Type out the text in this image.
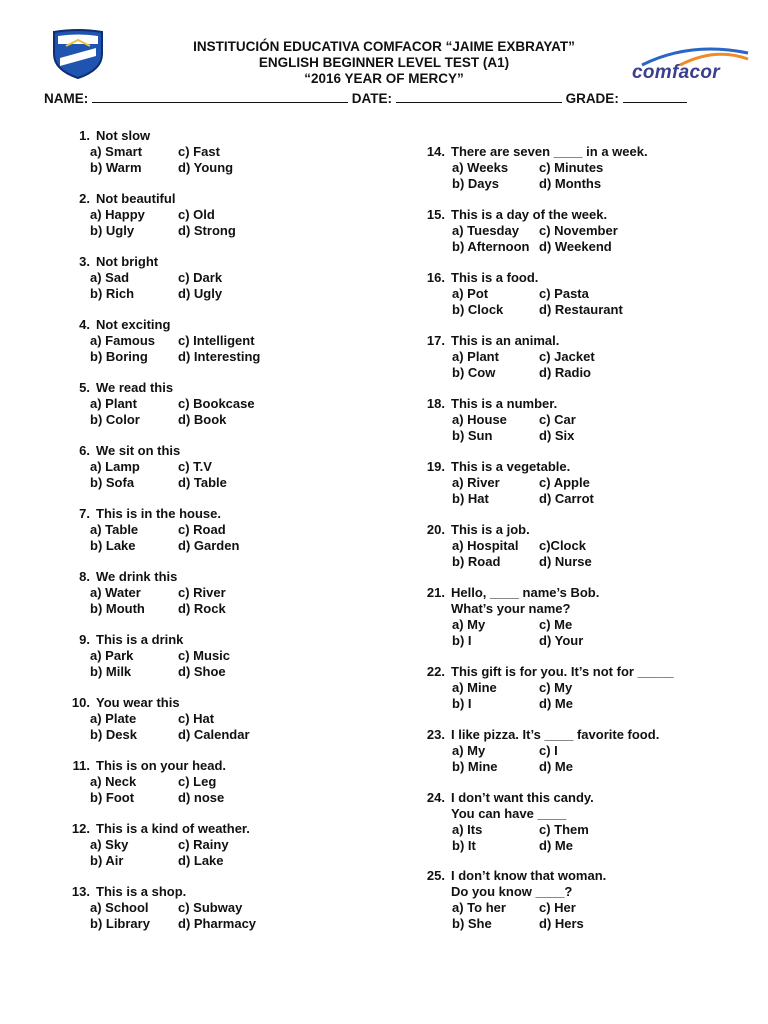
INSTITUCIÓN EDUCATIVA COMFACOR “JAIME EXBRAYAT”
ENGLISH BEGINNER LEVEL TEST (A1)
“2016 YEAR OF MERCY”	comfacor
NAME:	DATE:	GRADE:
1. Not slow
a) Smart	c) Fast
b) Warm	d) Young
2. Not beautiful
a) Happy	c) Old
b) Ugly	d) Strong
3. Not bright
a) Sad	c) Dark
b) Rich	d) Ugly
4. Not exciting
a) Famous c) Intelligent
b) Boring d) Interesting
5. We read this
a) Plant	c) Bookcase
b) Color	d) Book
6. We sit on this
a) Lamp	c) T.V
b) Sofa	d) Table
7. This is in the house.
a) Table	c) Road
b) Lake	d) Garden
8. We drink this
a) Water	c) River
b) Mouth	d) Rock
9. This is a drink
a) Park	c) Music
b) Milk	d) Shoe
10. You wear this
a) Plate	c) Hat
b) Desk	d) Calendar
11. This is on your head.
a) Neck	c) Leg
b) Foot	d) nose
12. This is a kind of weather.
a) Sky	c) Rainy
b) Air	d) Lake
13. This is a shop.
a) School c) Subway
b) Library d) Pharmacy
14. There are seven ____ in a week.
a) Weeks c) Minutes
b) Days	d) Months
15. This is a day of the week.
a) Tuesday c) November
b) Afternoon d) Weekend
16. This is a food.
a) Pot	c) Pasta
b) Clock	d) Restaurant
17. This is an animal.
a) Plant	c) Jacket
b) Cow	d) Radio
18. This is a number.
a) House c) Car
b) Sun	d) Six
19. This is a vegetable.
a) River	c) Apple
b) Hat	d) Carrot
20. This is a job.
a) Hospital c)Clock
b) Road	d) Nurse
21. Hello, ____ name’s Bob.
What’s your name?
a) My	c) Me
b) I	d) Your
22. This gift is for you. It’s not for _____
a) Mine	c) My
b) I	d) Me
23. I like pizza. It’s ____ favorite food.
a) My	c) I
b) Mine	d) Me
24. I don’t want this candy.
You can have ____
a) Its	c) Them
b) It	d) Me
25. I don’t know that woman.
Do you know ____?
a) To her	c) Her
b) She	d) Hers
